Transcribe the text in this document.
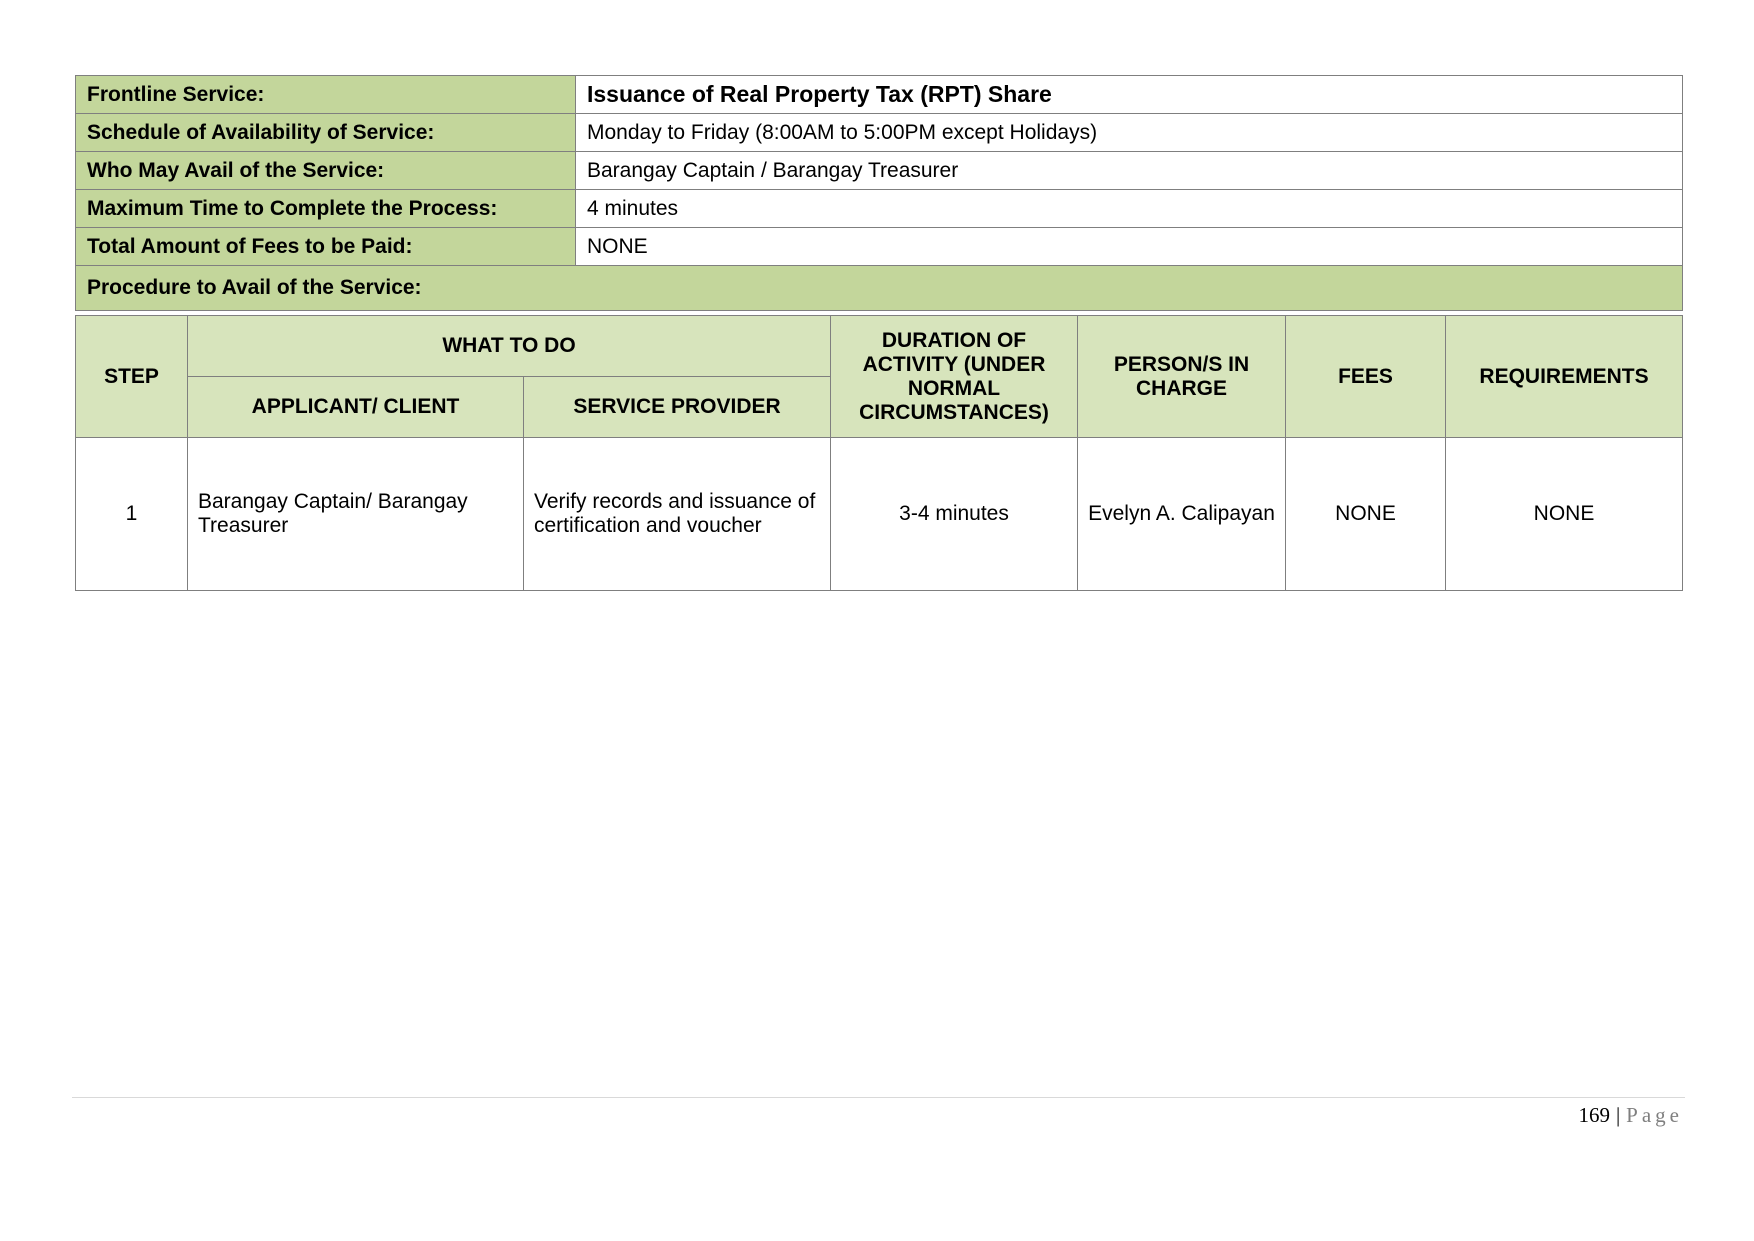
Frontline Service:	Issuance of Real Property Tax (RPT) Share
Schedule of Availability of Service:	Monday to Friday (8:00AM to 5:00PM except Holidays)
Who May Avail of the Service:	Barangay Captain / Barangay Treasurer
Maximum Time to Complete the Process:	4 minutes
Total Amount of Fees to be Paid:	NONE
Procedure to Avail of the Service:	
STEP	WHAT TO DO		DURATION OF ACTIVITY (UNDER NORMAL CIRCUMSTANCES)	PERSON/S IN CHARGE	FEES	REQUIREMENTS
	APPLICANT/ CLIENT	SERVICE PROVIDER				
1	Barangay Captain/ Barangay Treasurer	Verify records and issuance of certification and voucher	3-4 minutes	Evelyn A. Calipayan	NONE	NONE
169 | Page
